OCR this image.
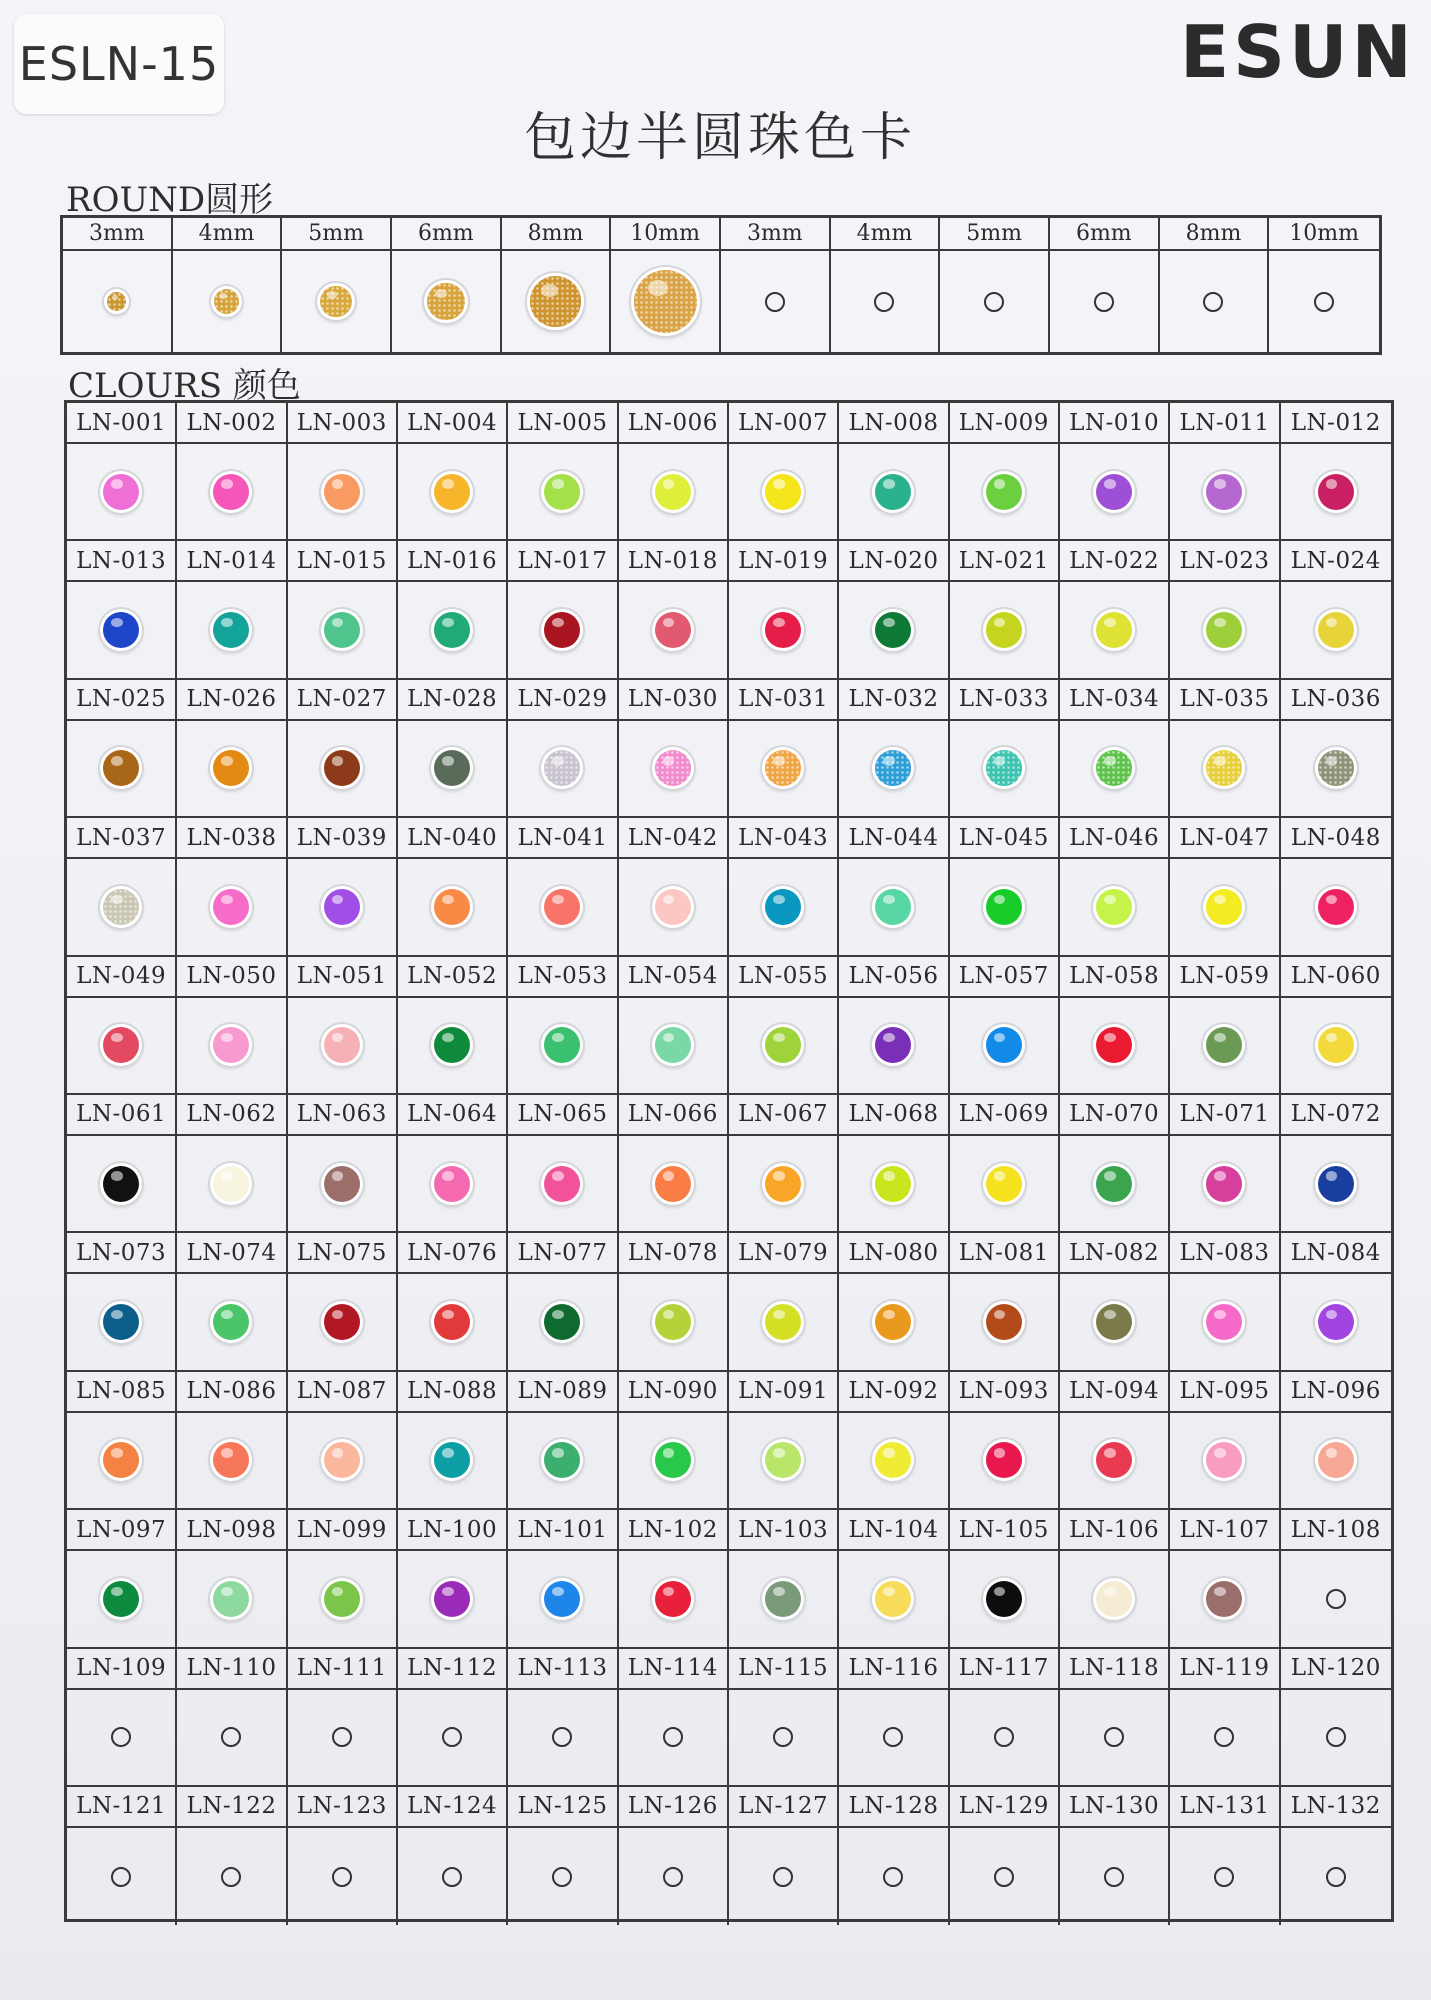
ESLN-15	ESUN
包边半圆珠色卡
ROUND圆形
3mm	4mm	5mm	6mm	8mm	10mm	3mm	4mm	5mm	6mm	8mm	10mm
CLOURS 颜色
LN-001 LN-002 LN-003 LN-004 LN-005 LN-006 LN-007 LN-008 LN-009 LN-010 LN-011 LN-012
LN-013 LN-014 LN-015 LN-016 LN-017 LN-018 LN-019 LN-020 LN-021 LN-022 LN-023 LN-024
LN-025 LN-026 LN-027 LN-028 LN-029 LN-030 LN-031 LN-032 LN-033 LN-034 LN-035 LN-036
LN-037 LN-038 LN-039 LN-040 LN-041 LN-042 LN-043 LN-044 LN-045 LN-046 LN-047 LN-048
LN-049 LN-050 LN-051 LN-052 LN-053 LN-054 LN-055 LN-056 LN-057 LN-058 LN-059 LN-060
LN-061 LN-062 LN-063 LN-064 LN-065 LN-066 LN-067 LN-068 LN-069 LN-070 LN-071 LN-072
LN-073 LN-074 LN-075 LN-076 LN-077 LN-078 LN-079 LN-080 LN-081 LN-082 LN-083 LN-084
LN-085 LN-086 LN-087 LN-088 LN-089 LN-090 LN-091 LN-092 LN-093 LN-094 LN-095 LN-096
LN-097 LN-098 LN-099 LN-100 LN-101 LN-102 LN-103 LN-104 LN-105 LN-106 LN-107 LN-108
LN-109 LN-110 LN-111 LN-112 LN-113 LN-114 LN-115 LN-116 LN-117 LN-118 LN-119 LN-120
LN-121 LN-122 LN-123 LN-124 LN-125 LN-126 LN-127 LN-128 LN-129 LN-130 LN-131 LN-132
